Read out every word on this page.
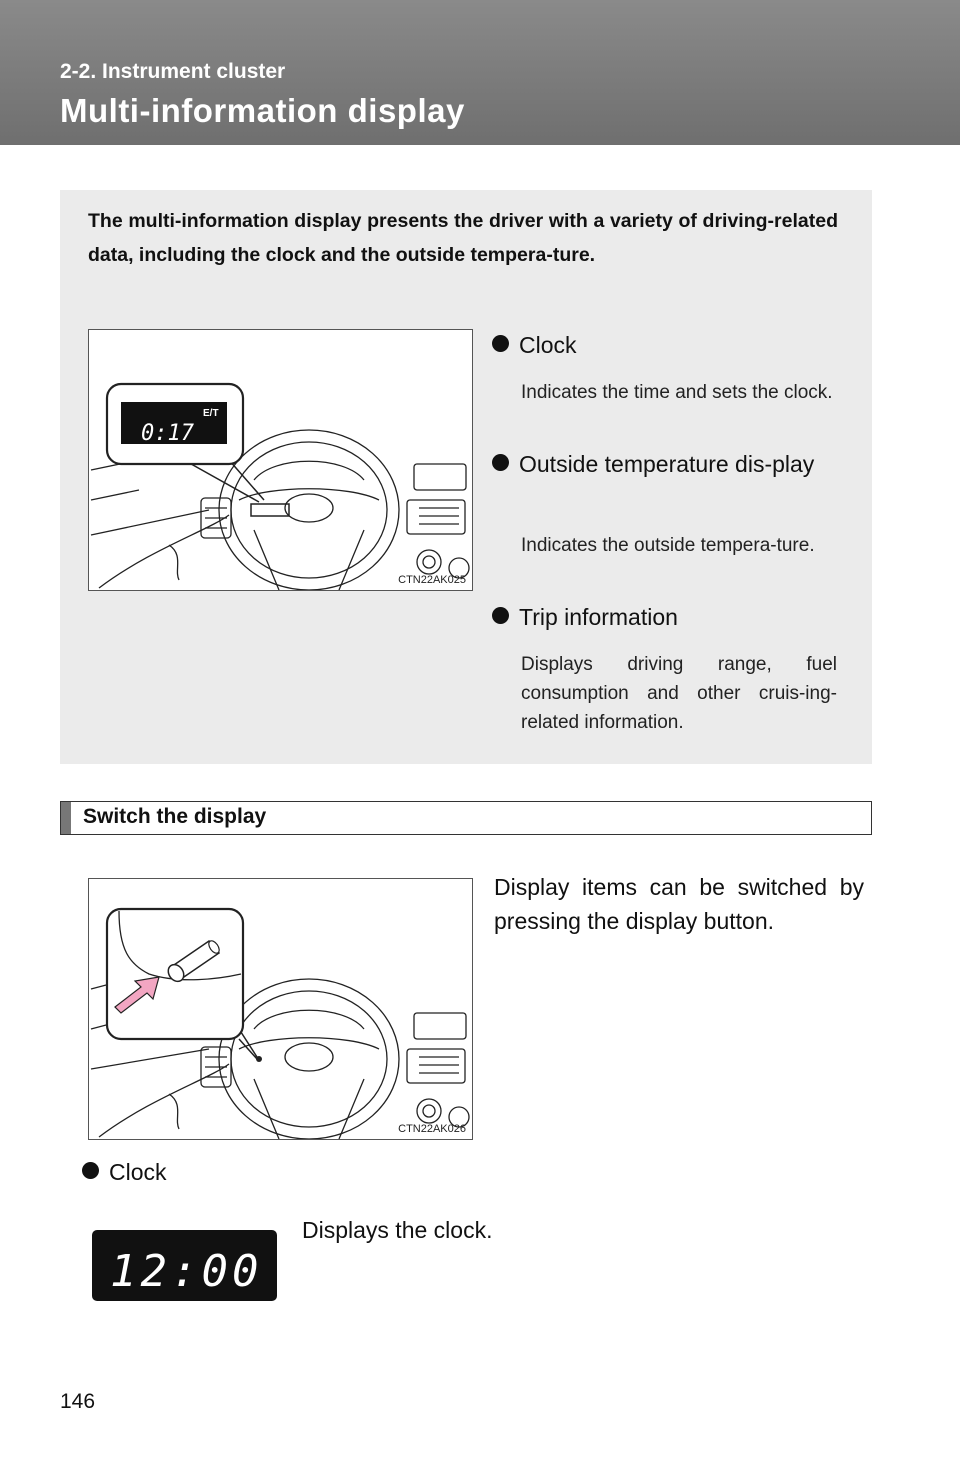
2-2. Instrument cluster
Multi-information display
The multi-information display presents the driver with a variety of driving-related data, including the clock and the outside tempera-ture.
E/T
0:17
CTN22AK025
Clock
Indicates the time and sets the clock.
Outside temperature dis-play
Indicates the outside tempera-ture.
Trip information
Displays driving range, fuel consumption and other cruis-ing-related information.
Switch the display
Display items can be switched by pressing the display button.
CTN22AK026
Clock
Displays the clock.
12:00
146
